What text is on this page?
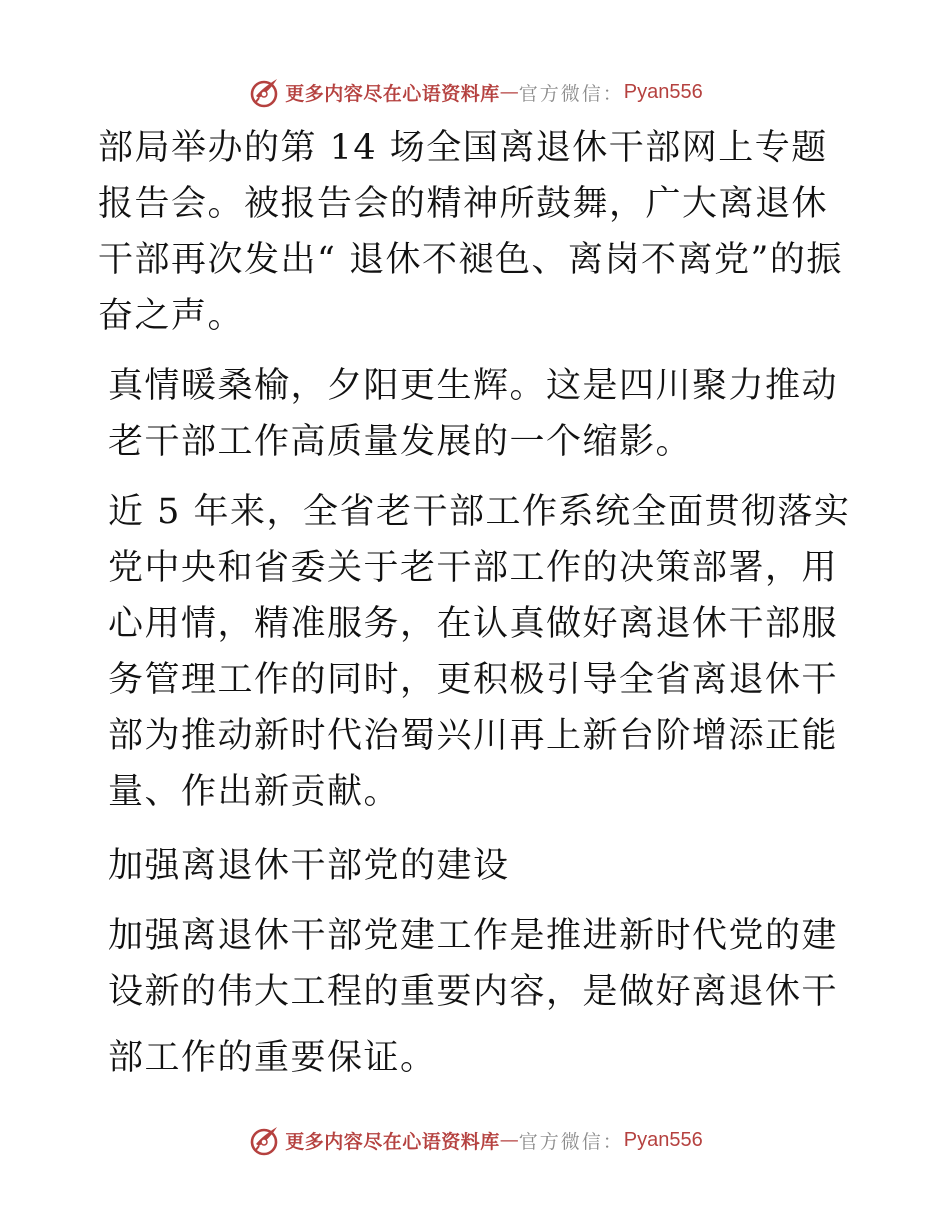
更多内容尽在心语资料库 — 官方微信： Pyan556

部局举办的第 14 场全国离退休干部网上专题报告会。被报告会的精神所鼓舞，广大离退休干部再次发出“ 退休不褪色、离岗不离党”的振奋之声。

真情暖桑榆，夕阳更生辉。这是四川聚力推动老干部工作高质量发展的一个缩影。

近 5 年来，全省老干部工作系统全面贯彻落实党中央和省委关于老干部工作的决策部署，用心用情，精准服务，在认真做好离退休干部服务管理工作的同时，更积极引导全省离退休干部为推动新时代治蜀兴川再上新台阶增添正能量、作出新贡献。

加强离退休干部党的建设

加强离退休干部党建工作是推进新时代党的建设新的伟大工程的重要内容，是做好离退休干

部工作的重要保证。

更多内容尽在心语资料库 — 官方微信： Pyan556
